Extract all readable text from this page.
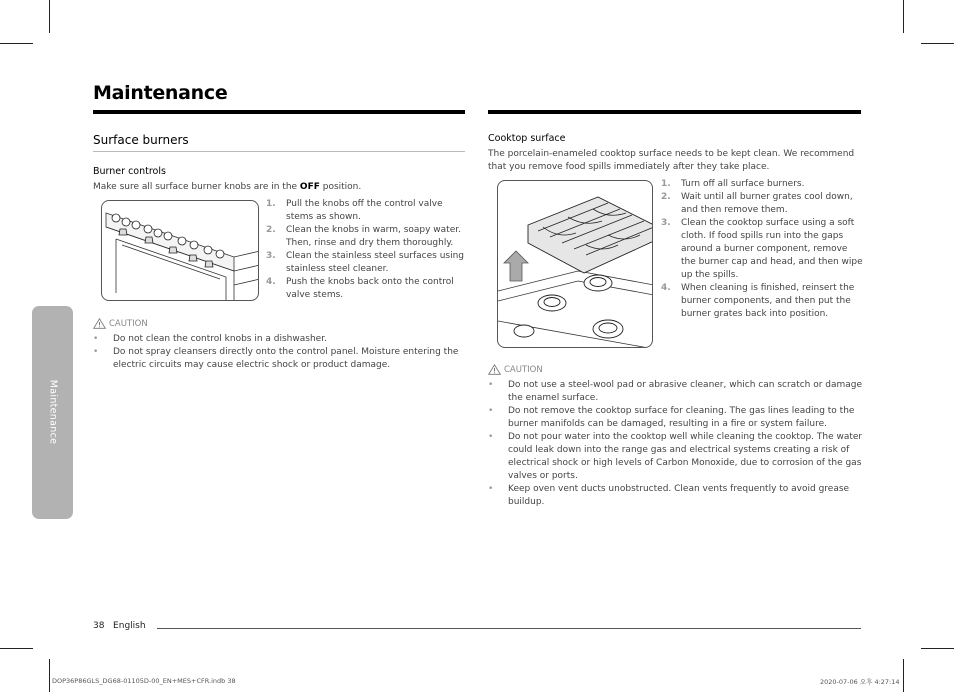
Maintenance
Maintenance
Surface burners
Burner controls
Make sure all surface burner knobs are in the OFF position.
1. Pull the knobs off the control valve
stems as shown.
2. Clean the knobs in warm, soapy water.
Then, rinse and dry them thoroughly.
3. Clean the stainless steel surfaces using
stainless steel cleaner.
4. Push the knobs back onto the control
valve stems.
CAUTION
• Do not clean the control knobs in a dishwasher.
• Do not spray cleansers directly onto the control panel. Moisture entering the
electric circuits may cause electric shock or product damage.
Cooktop surface
The porcelain-enameled cooktop surface needs to be kept clean. We recommend
that you remove food spills immediately after they take place.
1. Turn off all surface burners.
2. Wait until all burner grates cool down,
and then remove them.
3. Clean the cooktop surface using a soft
cloth. If food spills run into the gaps
around a burner component, remove
the burner cap and head, and then wipe
up the spills.
4. When cleaning is finished, reinsert the
burner components, and then put the
burner grates back into position.
CAUTION
• Do not use a steel-wool pad or abrasive cleaner, which can scratch or damage
the enamel surface.
• Do not remove the cooktop surface for cleaning. The gas lines leading to the
burner manifolds can be damaged, resulting in a fire or system failure.
• Do not pour water into the cooktop well while cleaning the cooktop. The water
could leak down into the range gas and electrical systems creating a risk of
electrical shock or high levels of Carbon Monoxide, due to corrosion of the gas
valves or ports.
• Keep oven vent ducts unobstructed. Clean vents frequently to avoid grease
buildup.
38 English
DOP36P86GLS_DG68-01105D-00_EN+MES+CFR.indb 38	2020-07-06 오후 4:27:14
